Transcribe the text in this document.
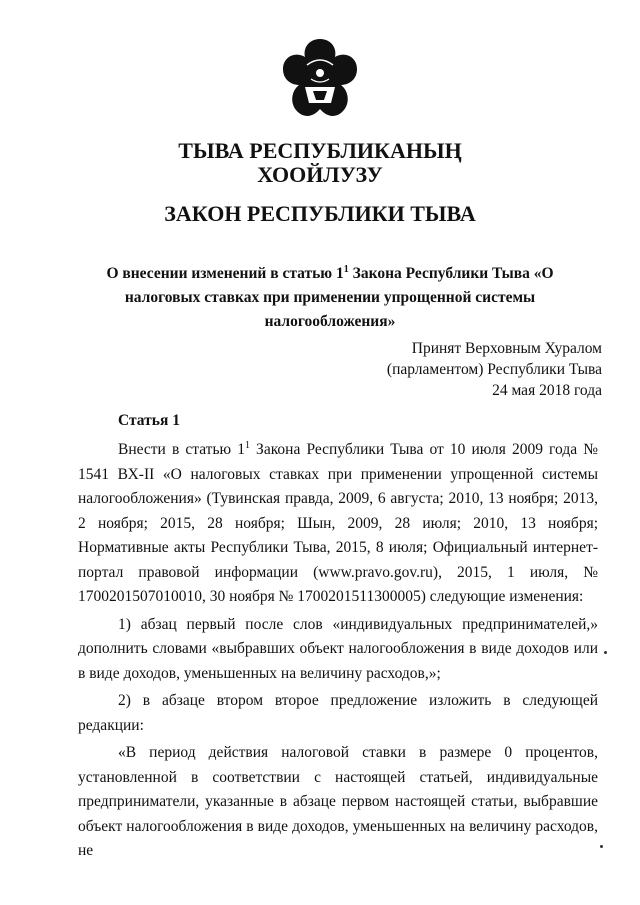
ТЫВА РЕСПУБЛИКАНЫҢ
ХООЙЛУЗУ
ЗАКОН РЕСПУБЛИКИ ТЫВА
О внесении изменений в статью $1^1$ Закона Республики Тыва «О налоговых ставках при применении упрощенной системы налогообложения»
Принят Верховным Хуралом
(парламентом) Республики Тыва
24 мая 2018 года
Статья 1

Внести в статью $1^1$ Закона Республики Тыва от 10 июля 2009 года № 1541 ВХ-II «О налоговых ставках при применении упрощенной системы налогообложения» (Тувинская правда, 2009, 6 августа; 2010, 13 ноября; 2013, 2 ноября; 2015, 28 ноября; Шын, 2009, 28 июля; 2010, 13 ноября; Нормативные акты Республики Тыва, 2015, 8 июля; Официальный интернет-портал правовой информации (www.pravo.gov.ru), 2015, 1 июля, № 1700201507010010, 30 ноября № 1700201511300005) следующие изменения:

1) абзац первый после слов «индивидуальных предпринимателей,» дополнить словами «выбравших объект налогообложения в виде доходов или в виде доходов, уменьшенных на величину расходов,»;

2) в абзаце втором второе предложение изложить в следующей редакции:

«В период действия налоговой ставки в размере 0 процентов, установленной в соответствии с настоящей статьей, индивидуальные предприниматели, указанные в абзаце первом настоящей статьи, выбравшие объект налогообложения в виде доходов, уменьшенных на величину расходов, не
